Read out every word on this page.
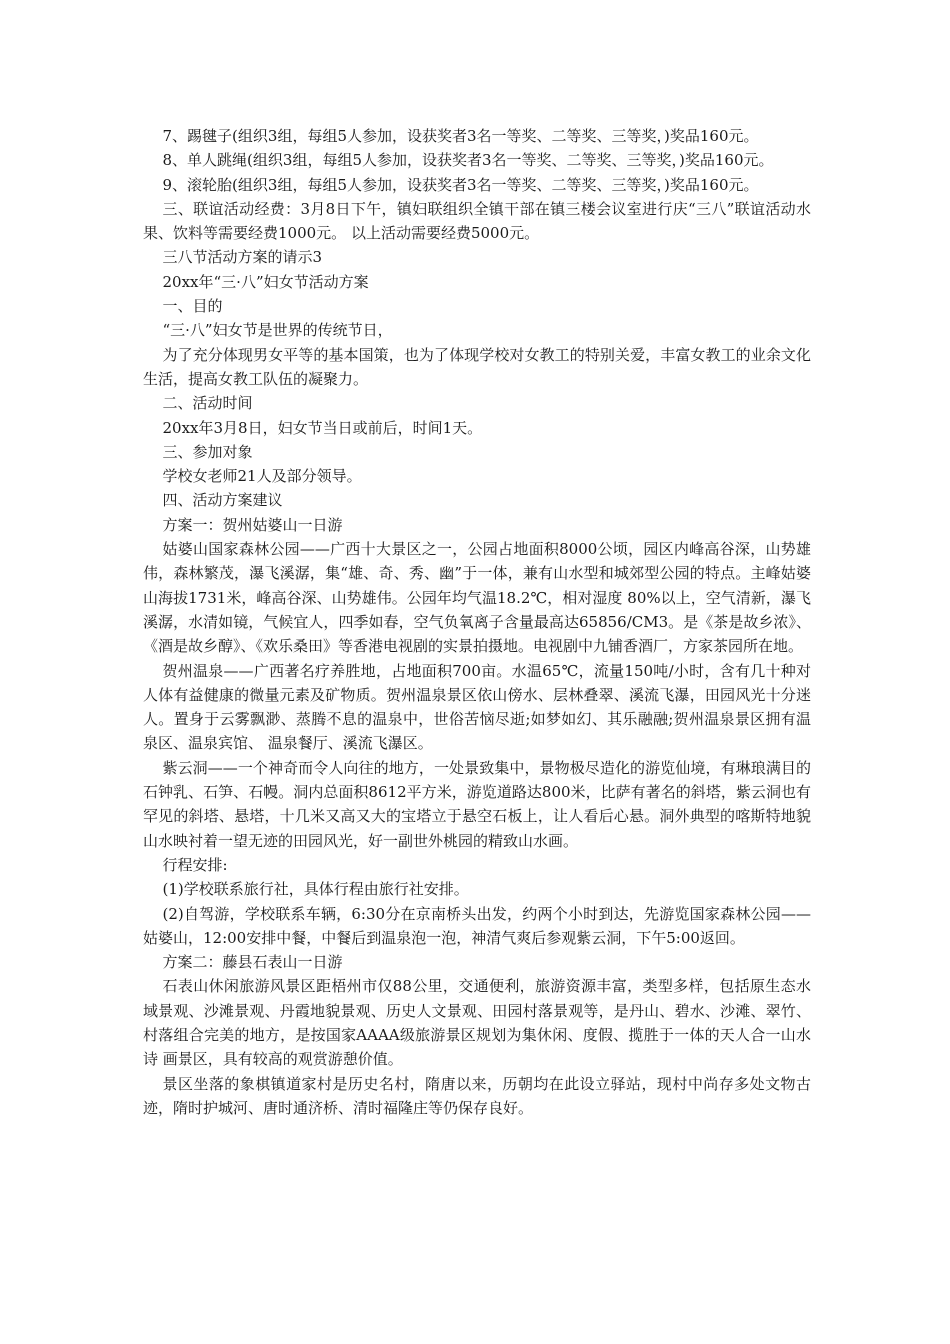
7、踢毽子(组织3组，每组5人参加，设获奖者3名一等奖、二等奖、三等奖，)奖品160元。

8、单人跳绳(组织3组，每组5人参加，设获奖者3名一等奖、二等奖、三等奖，)奖品160元。

9、滚轮胎(组织3组，每组5人参加，设获奖者3名一等奖、二等奖、三等奖，)奖品160元。

三、联谊活动经费：3月8日下午，镇妇联组织全镇干部在镇三楼会议室进行庆“三八”联谊活动水果、饮料等需要经费1000元。 以上活动需要经费5000元。

三八节活动方案的请示3

20xx年“三·八”妇女节活动方案

一、目的

“三·八”妇女节是世界的传统节日，

为了充分体现男女平等的基本国策，也为了体现学校对女教工的特别关爱，丰富女教工的业余文化生活，提高女教工队伍的凝聚力。

二、活动时间

20xx年3月8日，妇女节当日或前后，时间1天。

三、参加对象

学校女老师21人及部分领导。

四、活动方案建议

方案一：贺州姑婆山一日游

姑婆山国家森林公园——广西十大景区之一，公园占地面积8000公顷，园区内峰高谷深，山势雄伟，森林繁茂，瀑飞溪潺，集“雄、奇、秀、幽”于一体，兼有山水型和城郊型公园的特点。主峰姑婆山海拔1731米，峰高谷深、山势雄伟。公园年均气温18.2℃，相对湿度 80%以上，空气清新，瀑飞溪潺，水清如镜，气候宜人，四季如春，空气负氧离子含量最高达65856/CM3。是《茶是故乡浓》、《酒是故乡醇》、《欢乐桑田》等香港电视剧的实景拍摄地。电视剧中九铺香酒厂，方家茶园所在地。

贺州温泉——广西著名疗养胜地，占地面积700亩。水温65℃，流量150吨/小时，含有几十种对人体有益健康的微量元素及矿物质。贺州温泉景区依山傍水、层林叠翠、溪流飞瀑，田园风光十分迷人。置身于云雾飘渺、蒸腾不息的温泉中，世俗苦恼尽逝;如梦如幻、其乐融融;贺州温泉景区拥有温泉区、温泉宾馆、 温泉餐厅、溪流飞瀑区。

紫云洞——一个神奇而令人向往的地方，一处景致集中，景物极尽造化的游览仙境，有琳琅满目的石钟乳、石笋、石幔。洞内总面积8612平方米，游览道路达800米，比萨有著名的斜塔，紫云洞也有罕见的斜塔、悬塔，十几米又高又大的宝塔立于悬空石板上，让人看后心悬。洞外典型的喀斯特地貌山水映衬着一望无迹的田园风光，好一副世外桃园的精致山水画。

行程安排:

(1)学校联系旅行社，具体行程由旅行社安排。

(2)自驾游，学校联系车辆，6:30分在京南桥头出发，约两个小时到达，先游览国家森林公园——姑婆山，12:00安排中餐，中餐后到温泉泡一泡，神清气爽后参观紫云洞，下午5:00返回。

方案二：藤县石表山一日游

石表山休闲旅游风景区距梧州市仅88公里，交通便利，旅游资源丰富，类型多样，包括原生态水域景观、沙滩景观、丹霞地貌景观、历史人文景观、田园村落景观等，是丹山、碧水、沙滩、翠竹、村落组合完美的地方，是按国家AAAA级旅游景区规划为集休闲、度假、揽胜于一体的天人合一山水诗 画景区，具有较高的观赏游憩价值。

景区坐落的象棋镇道家村是历史名村，隋唐以来，历朝均在此设立驿站，现村中尚存多处文物古迹，隋时护城河、唐时通济桥、清时福隆庄等仍保存良好。
